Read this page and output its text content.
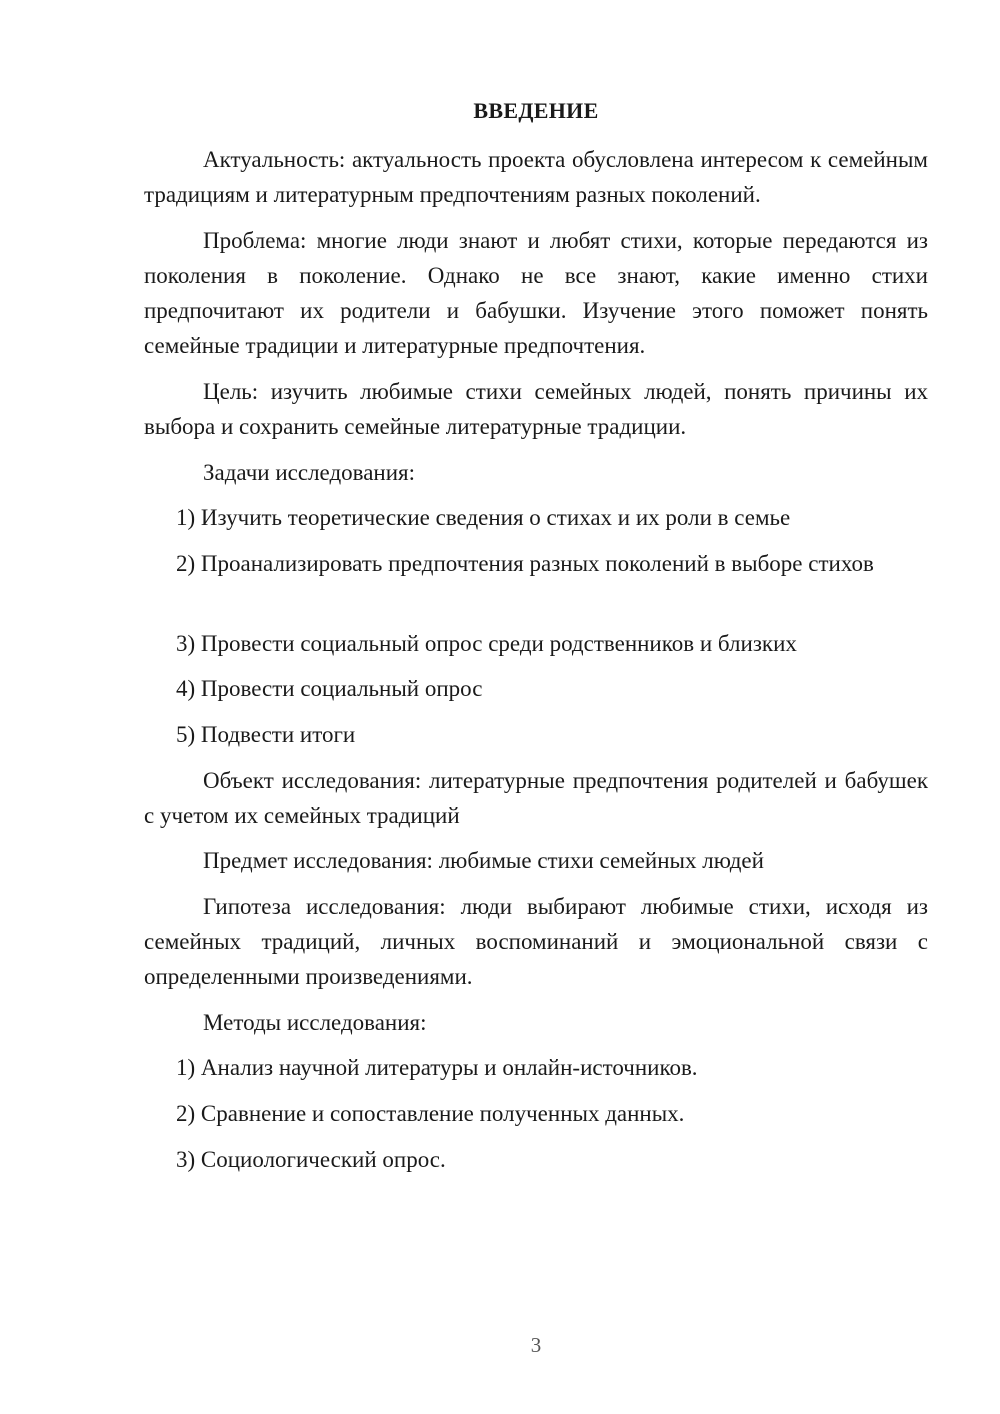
ВВЕДЕНИЕ

Актуальность: актуальность проекта обусловлена интересом к семейным традициям и литературным предпочтениям разных поколений.

Проблема: многие люди знают и любят стихи, которые передаются из поколения в поколение. Однако не все знают, какие именно стихи предпочитают их родители и бабушки. Изучение этого поможет понять семейные традиции и литературные предпочтения.

Цель: изучить любимые стихи семейных людей, понять причины их выбора и сохранить семейные литературные традиции.

Задачи исследования:

1) Изучить теоретические сведения о стихах и их роли в семье

2) Проанализировать предпочтения разных поколений в выборе стихов

3) Провести социальный опрос среди родственников и близких

4) Провести социальный опрос

5) Подвести итоги

Объект исследования: литературные предпочтения родителей и бабушек с учетом их семейных традиций

Предмет исследования: любимые стихи семейных людей

Гипотеза исследования: люди выбирают любимые стихи, исходя из семейных традиций, личных воспоминаний и эмоциональной связи с определенными произведениями.

Методы исследования:

1) Анализ научной литературы и онлайн-источников.

2) Сравнение и сопоставление полученных данных.

3) Социологический опрос.

3
